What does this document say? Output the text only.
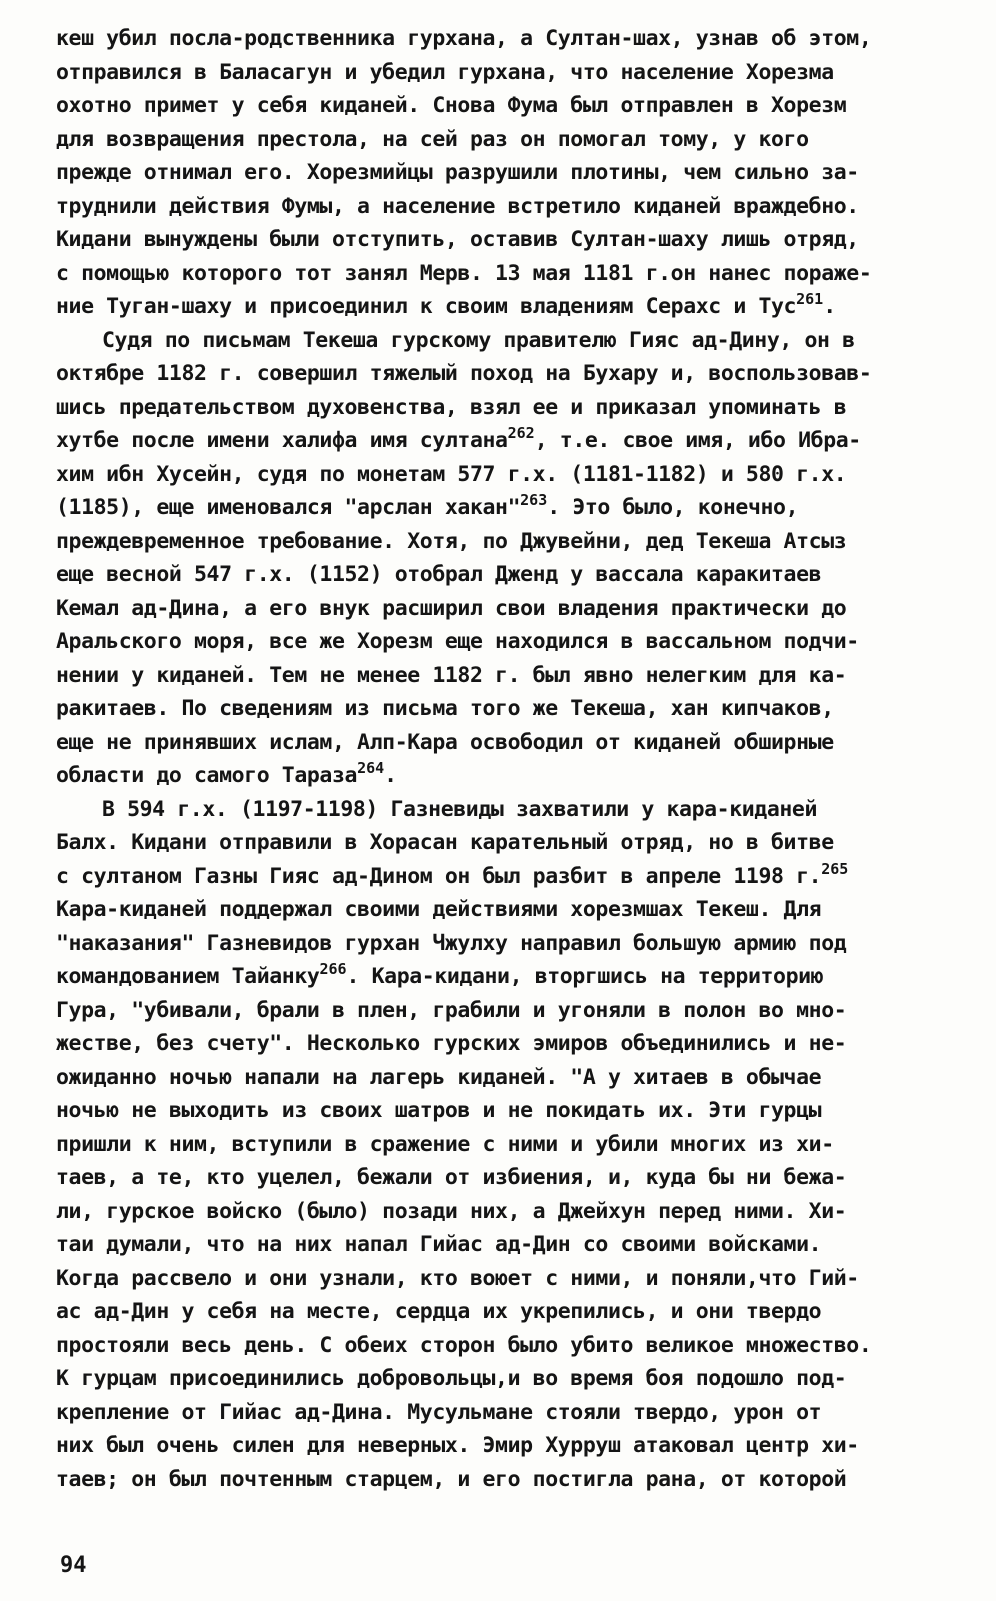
кеш убил посла-родственника гурхана, а Султан-шах, узнав об этом,
отправился в Баласагун и убедил гурхана, что население Хорезма
охотно примет у себя киданей. Снова Фума был отправлен в Хорезм
для возвращения престола, на сей раз он помогал тому, у кого
прежде отнимал его. Хорезмийцы разрушили плотины, чем сильно за-
труднили действия Фумы, а население встретило киданей враждебно.
Кидани вынуждены были отступить, оставив Султан-шаху лишь отряд,
с помощью которого тот занял Мерв. 13 мая 1181 г.он нанес пораже-
ние Туган-шаху и присоединил к своим владениям Серахс и Тус$^{261}$.
Судя по письмам Текеша гурскому правителю Гияс ад-Дину, он в
октябре 1182 г. совершил тяжелый поход на Бухару и, воспользовав-
шись предательством духовенства, взял ее и приказал упоминать в
хутбе после имени халифа имя султана$^{262}$, т.е. свое имя, ибо Ибра-
хим ибн Хусейн, судя по монетам 577 г.х. (1181-1182) и 580 г.х.
(1185), еще именовался "арслан хакан"$^{263}$. Это было, конечно,
преждевременное требование. Хотя, по Джувейни, дед Текеша Атсыз
еще весной 547 г.х. (1152) отобрал Дженд у вассала каракитаев
Кемал ад-Дина, а его внук расширил свои владения практически до
Аральского моря, все же Хорезм еще находился в вассальном подчи-
нении у киданей. Тем не менее 1182 г. был явно нелегким для ка-
ракитаев. По сведениям из письма того же Текеша, хан кипчаков,
еще не принявших ислам, Алп-Кара освободил от киданей обширные
области до самого Тараза$^{264}$.
В 594 г.х. (1197-1198) Газневиды захватили у кара-киданей
Балх. Кидани отправили в Хорасан карательный отряд, но в битве
с султаном Газны Гияс ад-Дином он был разбит в апреле 1198 г.$^{265}$
Кара-киданей поддержал своими действиями хорезмшах Текеш. Для
"наказания" Газневидов гурхан Чжулху направил большую армию под
командованием Тайанку$^{266}$. Кара-кидани, вторгшись на территорию
Гура, "убивали, брали в плен, грабили и угоняли в полон во мно-
жестве, без счету". Несколько гурских эмиров объединились и не-
ожиданно ночью напали на лагерь киданей. "А у хитаев в обычае
ночью не выходить из своих шатров и не покидать их. Эти гурцы
пришли к ним, вступили в сражение с ними и убили многих из хи-
таев, а те, кто уцелел, бежали от избиения, и, куда бы ни бежа-
ли, гурское войско (было) позади них, а Джейхун перед ними. Хи-
таи думали, что на них напал Гийас ад-Дин со своими войсками.
Когда рассвело и они узнали, кто воюет с ними, и поняли,что Гий-
ас ад-Дин у себя на месте, сердца их укрепились, и они твердо
простояли весь день. С обеих сторон было убито великое множество.
К гурцам присоединились добровольцы,и во время боя подошло под-
крепление от Гийас ад-Дина. Мусульмане стояли твердо, урон от
них был очень силен для неверных. Эмир Хурруш атаковал центр хи-
таев; он был почтенным старцем, и его постигла рана, от которой
94
